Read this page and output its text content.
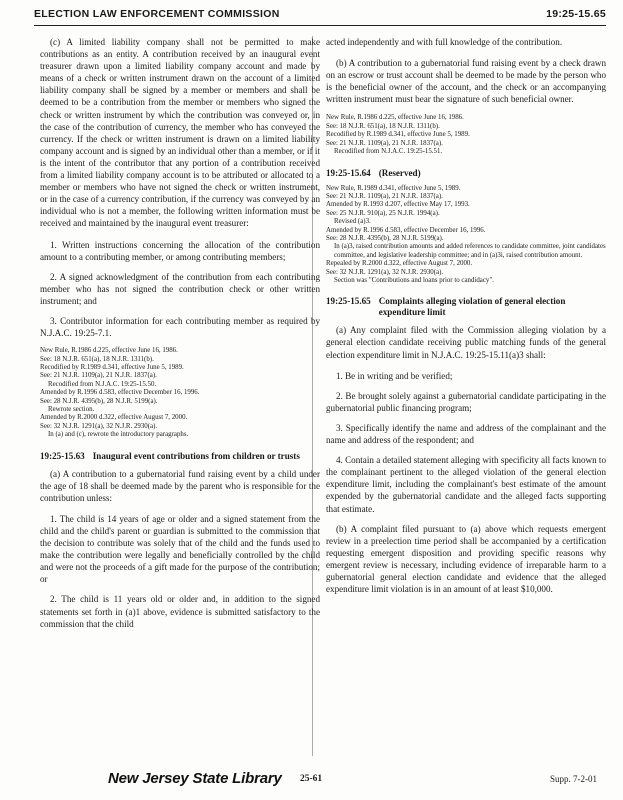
ELECTION LAW ENFORCEMENT COMMISSION	19:25-15.65

(c) A limited liability company shall not be permitted to make contributions as an entity. A contribution received by an inaugural event treasurer drawn upon a limited liability company account and made by means of a check or written instrument drawn on the account of a limited liability company shall be signed by a member or members and shall be deemed to be a contribution from the member or members who signed the check or written instrument by which the contribution was conveyed or, in the case of the contribution of currency, the member who has conveyed the currency. If the check or written instrument is drawn on a limited liability company account and is signed by an individual other than a member, or if it is the intent of the contributor that any portion of a contribution received from a limited liability company account is to be attributed or allocated to a member or members who have not signed the check or written instrument, or in the case of a currency contribution, if the currency was conveyed by an individual who is not a member, the following written information must be received and maintained by the inaugural event treasurer:

1. Written instructions concerning the allocation of the contribution amount to a contributing member, or among contributing members;

2. A signed acknowledgment of the contribution from each contributing member who has not signed the contribution check or other written instrument; and

3. Contributor information for each contributing member as required by N.J.A.C. 19:25-7.1.

New Rule, R.1986 d.225, effective June 16, 1986.
See: 18 N.J.R. 651(a), 18 N.J.R. 1311(b).
Recodified by R.1989 d.341, effective June 5, 1989.
See: 21 N.J.R. 1109(a), 21 N.J.R. 1837(a).
Recodified from N.J.A.C. 19:25-15.50.
Amended by R.1996 d.583, effective December 16, 1996.
See: 28 N.J.R. 4395(b), 28 N.J.R. 5199(a).
Rewrote section.
Amended by R.2000 d.322, effective August 7, 2000.
See: 32 N.J.R. 1291(a), 32 N.J.R. 2930(a).
In (a) and (c), rewrote the introductory paragraphs.
19:25-15.63 Inaugural event contributions from children or trusts

(a) A contribution to a gubernatorial fund raising event by a child under the age of 18 shall be deemed made by the parent who is responsible for the contribution unless:

1. The child is 14 years of age or older and a signed statement from the child and the child's parent or guardian is submitted to the commission that the decision to contribute was solely that of the child and the funds used to make the contribution were legally and beneficially controlled by the child and were not the proceeds of a gift made for the purpose of the contribution; or

2. The child is 11 years old or older and, in addition to the signed statements set forth in (a)1 above, evidence is submitted satisfactory to the commission that the child

acted independently and with full knowledge of the contribution.

(b) A contribution to a gubernatorial fund raising event by a check drawn on an escrow or trust account shall be deemed to be made by the person who is the beneficial owner of the account, and the check or an accompanying written instrument must bear the signature of such beneficial owner.

New Rule, R.1986 d.225, effective June 16, 1986.
See: 18 N.J.R. 651(a), 18 N.J.R. 1311(b).
Recodified by R.1989 d.341, effective June 5, 1989.
See: 21 N.J.R. 1109(a), 21 N.J.R. 1837(a).
Recodified from N.J.A.C. 19:25-15.51.
19:25-15.64 (Reserved)
New Rule, R.1989 d.341, effective June 5, 1989.
See: 21 N.J.R. 1109(a), 21 N.J.R. 1837(a).
Amended by R.1993 d.207, effective May 17, 1993.
See: 25 N.J.R. 910(a), 25 N.J.R. 1994(a).
Revised (a)3.
Amended by R.1996 d.583, effective December 16, 1996.
See: 28 N.J.R. 4395(b), 28 N.J.R. 5199(a).
In (a)3, raised contribution amounts and added references to candidate committee, joint candidates committee, and legislative leadership committee; and in (a)3i, raised contribution amount.
Repealed by R.2000 d.322, effective August 7, 2000.
See: 32 N.J.R. 1291(a), 32 N.J.R. 2930(a).
Section was "Contributions and loans prior to candidacy".
19:25-15.65 Complaints alleging violation of general election expenditure limit

(a) Any complaint filed with the Commission alleging violation by a general election candidate receiving public matching funds of the general election expenditure limit in N.J.A.C. 19:25-15.11(a)3 shall:

1. Be in writing and be verified;

2. Be brought solely against a gubernatorial candidate participating in the gubernatorial public financing program;

3. Specifically identify the name and address of the complainant and the name and address of the respondent; and

4. Contain a detailed statement alleging with specificity all facts known to the complainant pertinent to the alleged violation of the general election expenditure limit, including the complainant's best estimate of the amount expended by the gubernatorial candidate and the alleged facts supporting that estimate.

(b) A complaint filed pursuant to (a) above which requests emergent review in a preelection time period shall be accompanied by a certification requesting emergent disposition and providing specific reasons why emergent review is necessary, including evidence of irreparable harm to a gubernatorial general election candidate and evidence that the alleged expenditure limit violation is in an amount of at least $10,000.

New Jersey State Library 25-61	Supp. 7-2-01
